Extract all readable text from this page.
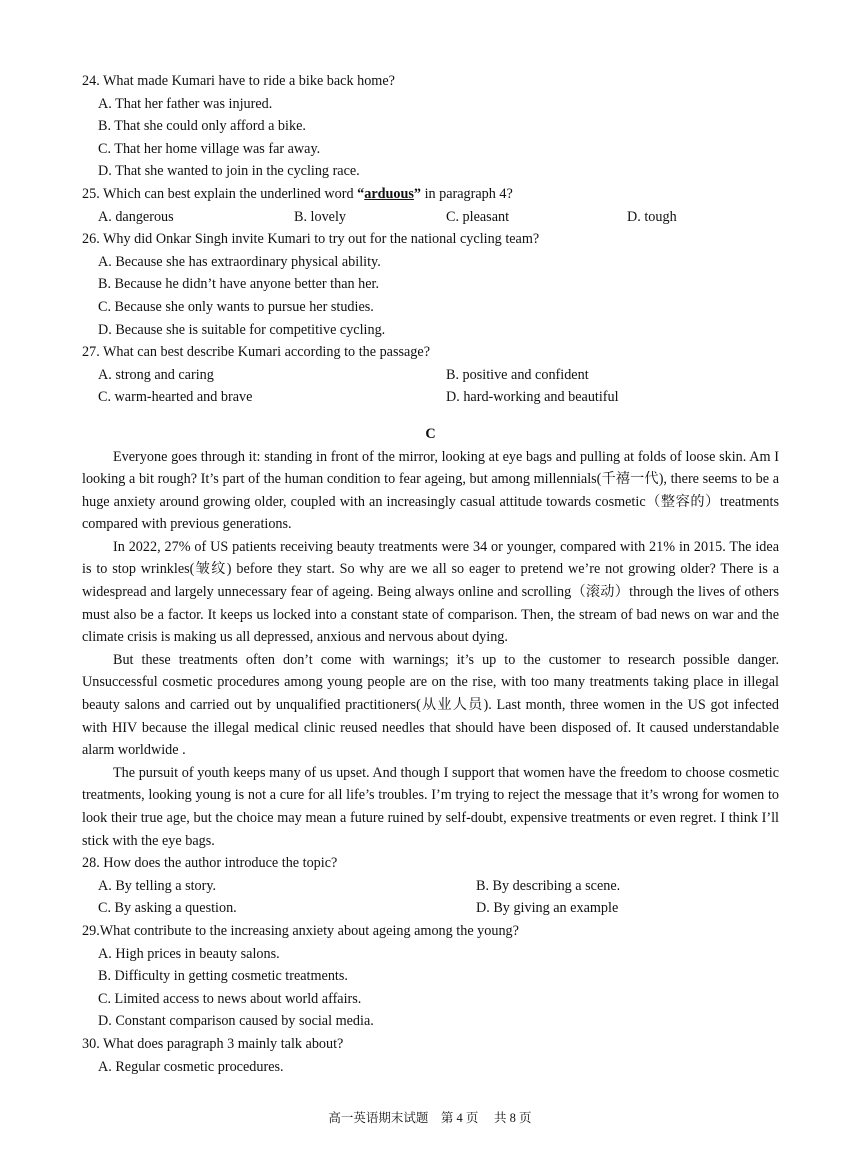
24. What made Kumari have to ride a bike back home?
A. That her father was injured.
B. That she could only afford a bike.
C. That her home village was far away.
D. That she wanted to join in the cycling race.
25. Which can best explain the underlined word “arduous” in paragraph 4?
A. dangerous	B. lovely	C. pleasant	D. tough
26. Why did Onkar Singh invite Kumari to try out for the national cycling team?
A. Because she has extraordinary physical ability.
B. Because he didn’t have anyone better than her.
C. Because she only wants to pursue her studies.
D. Because she is suitable for competitive cycling.
27. What can best describe Kumari according to the passage?
A. strong and caring	B. positive and confident
C. warm-hearted and brave	D. hard-working and beautiful
C

Everyone goes through it: standing in front of the mirror, looking at eye bags and pulling at folds of loose skin. Am I looking a bit rough? It’s part of the human condition to fear ageing, but among millennials(千禧一代), there seems to be a huge anxiety around growing older, coupled with an increasingly casual attitude towards cosmetic（整容的）treatments compared with previous generations.

In 2022, 27% of US patients receiving beauty treatments were 34 or younger, compared with 21% in 2015. The idea is to stop wrinkles(皱纹) before they start. So why are we all so eager to pretend we’re not growing older? There is a widespread and largely unnecessary fear of ageing. Being always online and scrolling（滚动）through the lives of others must also be a factor. It keeps us locked into a constant state of comparison. Then, the stream of bad news on war and the climate crisis is making us all depressed, anxious and nervous about dying.

But these treatments often don’t come with warnings; it’s up to the customer to research possible danger. Unsuccessful cosmetic procedures among young people are on the rise, with too many treatments taking place in illegal beauty salons and carried out by unqualified practitioners(从业人员). Last month, three women in the US got infected with HIV because the illegal medical clinic reused needles that should have been disposed of. It caused understandable alarm worldwide .

The pursuit of youth keeps many of us upset. And though I support that women have the freedom to choose cosmetic treatments, looking young is not a cure for all life’s troubles. I’m trying to reject the message that it’s wrong for women to look their true age, but the choice may mean a future ruined by self-doubt, expensive treatments or even regret. I think I’ll stick with the eye bags.

28. How does the author introduce the topic?
A. By telling a story.	B. By describing a scene.
C. By asking a question.	D. By giving an example
29.What contribute to the increasing anxiety about ageing among the young?
A. High prices in beauty salons.
B. Difficulty in getting cosmetic treatments.
C. Limited access to news about world affairs.
D. Constant comparison caused by social media.
30. What does paragraph 3 mainly talk about?
A. Regular cosmetic procedures.
高一英语期末试题　第 4 页　 共 8 页
